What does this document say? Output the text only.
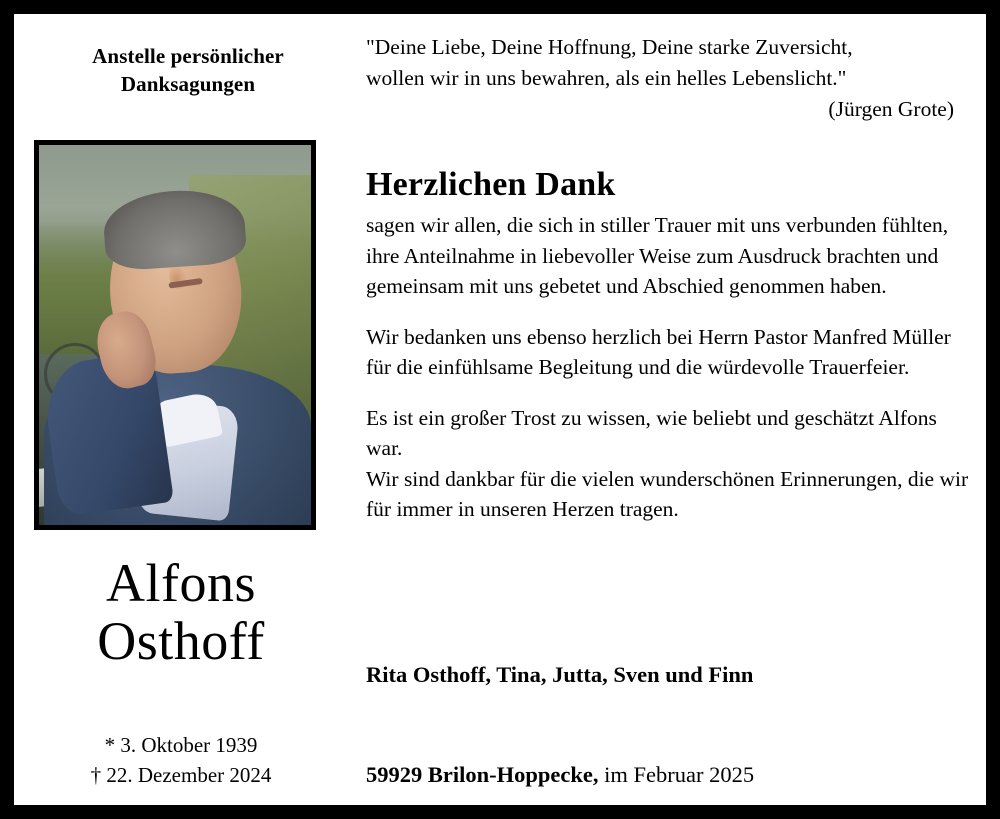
Anstelle persönlicher
Danksagungen
Alfons
Osthoff
* 3. Oktober 1939
† 22. Dezember 2024

"Deine Liebe, Deine Hoffnung, Deine starke Zuversicht,
wollen wir in uns bewahren, als ein helles Lebenslicht."

(Jürgen Grote)
Herzlichen Dank

sagen wir allen, die sich in stiller Trauer mit uns verbunden fühlten, ihre Anteilnahme in liebevoller Weise zum Ausdruck brachten und gemeinsam mit uns gebetet und Abschied genommen haben.

Wir bedanken uns ebenso herzlich bei Herrn Pastor Manfred Müller für die einfühlsame Begleitung und die würdevolle Trauerfeier.

Es ist ein großer Trost zu wissen, wie beliebt und geschätzt Alfons war.

Wir sind dankbar für die vielen wunderschönen Erinnerungen, die wir für immer in unseren Herzen tragen.

Rita Osthoff, Tina, Jutta, Sven und Finn
59929 Brilon-Hoppecke, im Februar 2025
